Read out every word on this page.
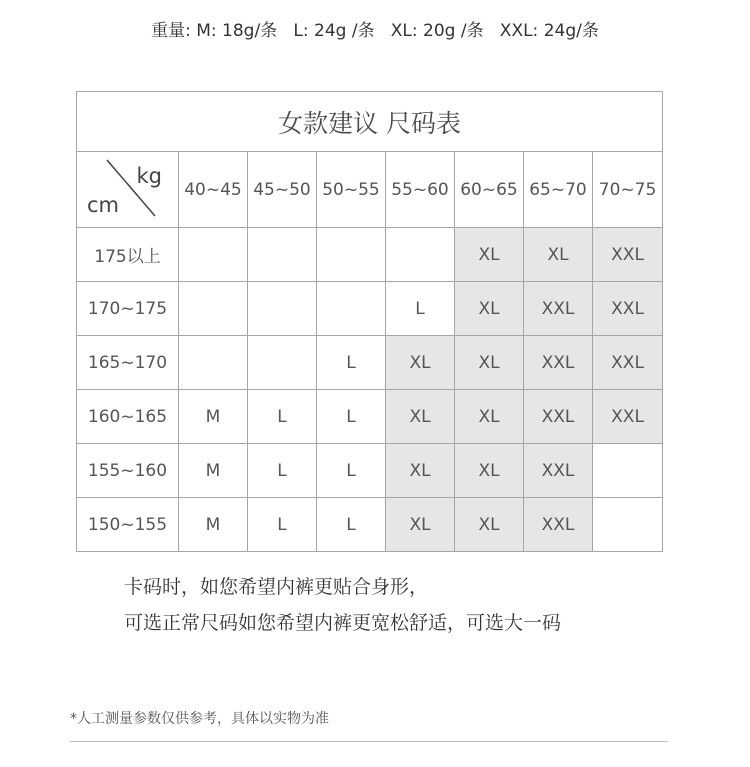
重量: M: 18g/条   L: 24g /条   XL: 20g /条   XXL: 24g/条
女款建议 尺码表							

kg
cm	40~45	45~50	50~55	55~60	60~65	65~70	70~75
175以上					XL	XL	XXL
170~175				L	XL	XXL	XXL
165~170			L	XL	XL	XXL	XXL
160~165	M	L	L	XL	XL	XXL	XXL
155~160	M	L	L	XL	XL	XXL	
150~155	M	L	L	XL	XL	XXL	
卡码时，如您希望内裤更贴合身形，
可选正常尺码如您希望内裤更宽松舒适，可选大一码
*人工测量参数仅供参考，具体以实物为准
